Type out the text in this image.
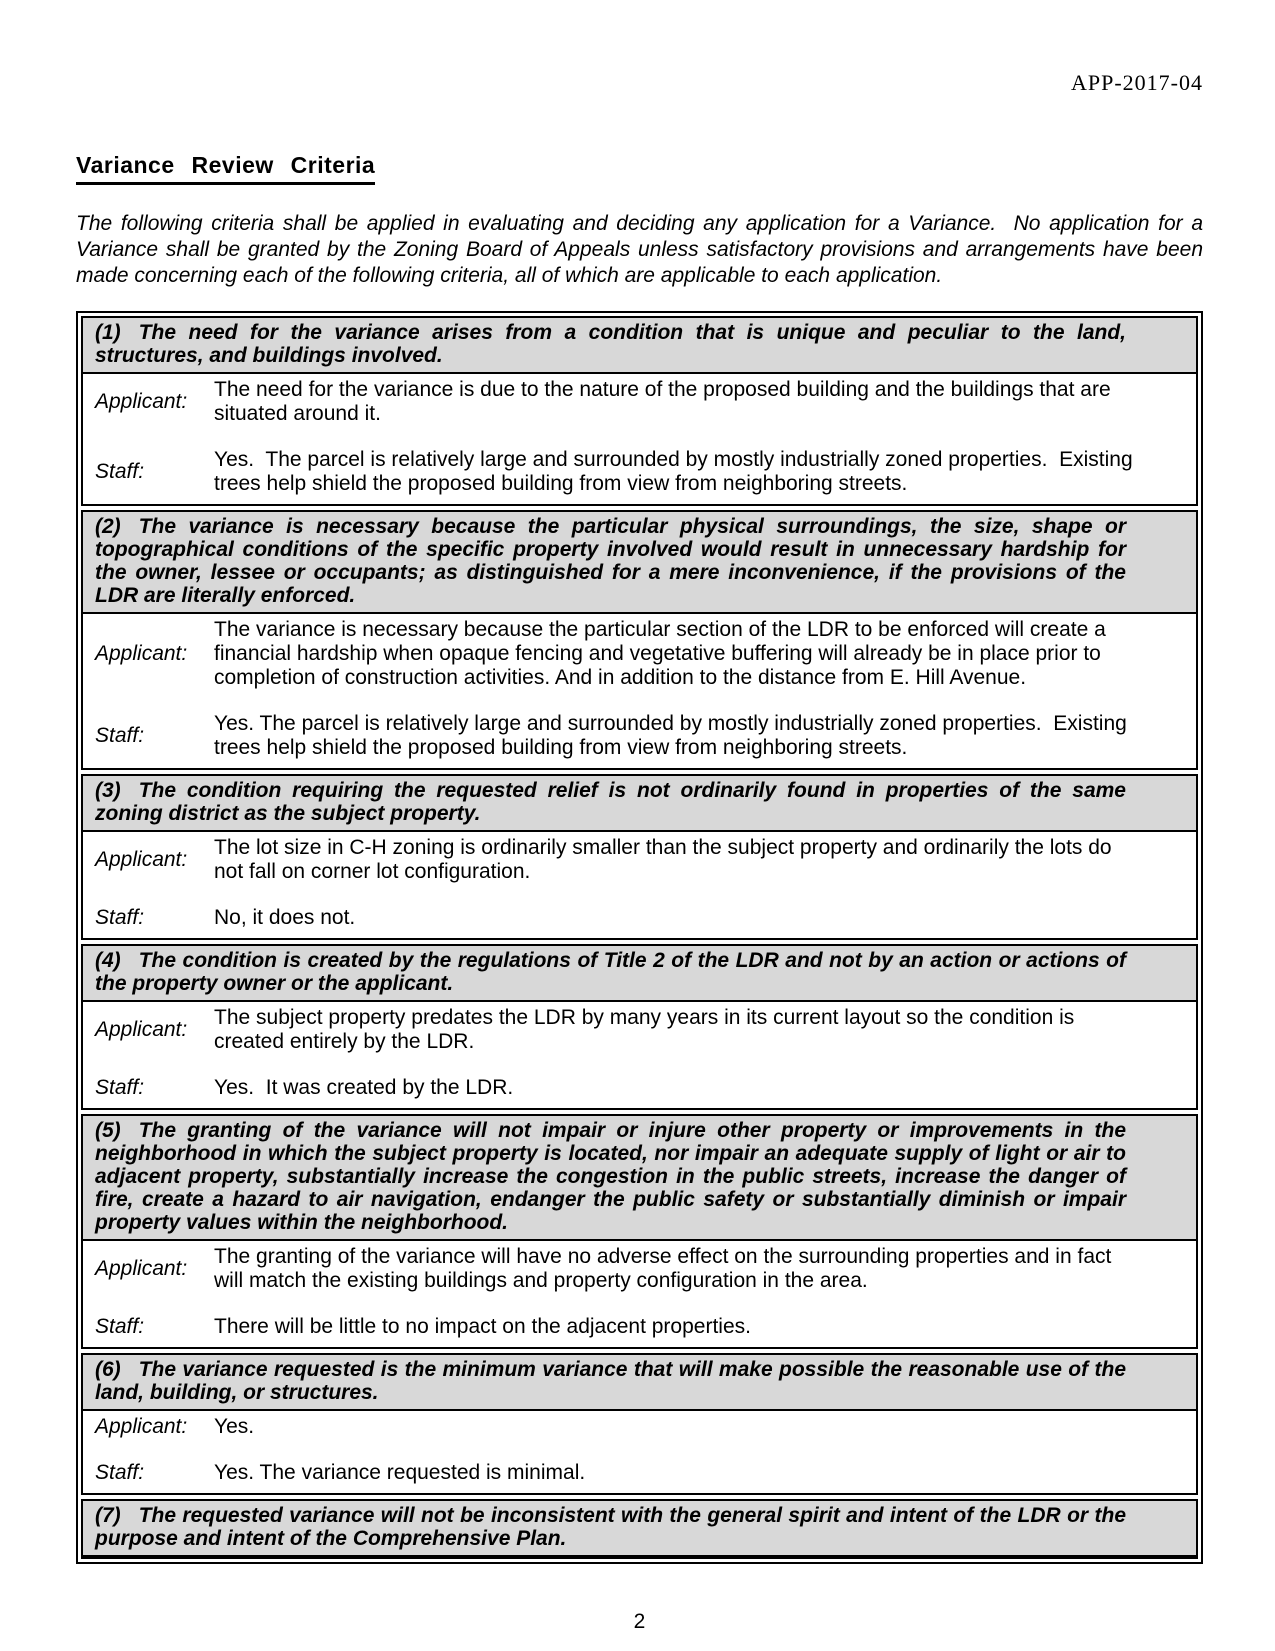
APP-2017-04
Variance Review Criteria

The following criteria shall be applied in evaluating and deciding any application for a Variance.  No application for a Variance shall be granted by the Zoning Board of Appeals unless satisfactory provisions and arrangements have been made concerning each of the following criteria, all of which are applicable to each application.

(1) The need for the variance arises from a condition that is unique and peculiar to the land, structures, and buildings involved.
Applicant:
The need for the variance is due to the nature of the proposed building and the buildings that are situated around it.
Staff:
Yes.  The parcel is relatively large and surrounded by mostly industrially zoned properties.  Existing trees help shield the proposed building from view from neighboring streets.
(2) The variance is necessary because the particular physical surroundings, the size, shape or topographical conditions of the specific property involved would result in unnecessary hardship for the owner, lessee or occupants; as distinguished for a mere inconvenience, if the provisions of the LDR are literally enforced.
Applicant:
The variance is necessary because the particular section of the LDR to be enforced will create a financial hardship when opaque fencing and vegetative buffering will already be in place prior to completion of construction activities. And in addition to the distance from E. Hill Avenue.
Staff:
Yes. The parcel is relatively large and surrounded by mostly industrially zoned properties.  Existing trees help shield the proposed building from view from neighboring streets.
(3) The condition requiring the requested relief is not ordinarily found in properties of the same zoning district as the subject property.
Applicant:
The lot size in C-H zoning is ordinarily smaller than the subject property and ordinarily the lots do not fall on corner lot configuration.
Staff:	No, it does not.
(4) The condition is created by the regulations of Title 2 of the LDR and not by an action or actions of the property owner or the applicant.
Applicant:
The subject property predates the LDR by many years in its current layout so the condition is created entirely by the LDR.
Staff:	Yes.  It was created by the LDR.
(5) The granting of the variance will not impair or injure other property or improvements in the neighborhood in which the subject property is located, nor impair an adequate supply of light or air to adjacent property, substantially increase the congestion in the public streets, increase the danger of fire, create a hazard to air navigation, endanger the public safety or substantially diminish or impair property values within the neighborhood.
Applicant:
The granting of the variance will have no adverse effect on the surrounding properties and in fact will match the existing buildings and property configuration in the area.
Staff:	There will be little to no impact on the adjacent properties.
(6) The variance requested is the minimum variance that will make possible the reasonable use of the land, building, or structures.
Applicant:	Yes.
Staff:	Yes. The variance requested is minimal.
(7) The requested variance will not be inconsistent with the general spirit and intent of the LDR or the purpose and intent of the Comprehensive Plan.
2
